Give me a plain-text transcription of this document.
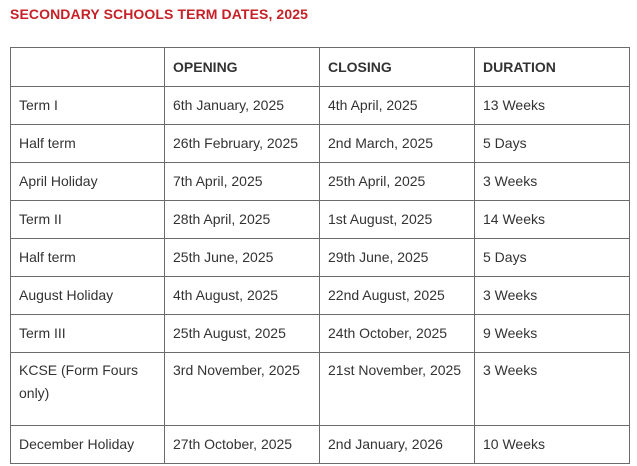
SECONDARY SCHOOLS TERM DATES, 2025
	OPENING	CLOSING	DURATION
Term I	6th January, 2025	4th April, 2025	13 Weeks
Half term	26th February, 2025	2nd March, 2025	5 Days
April Holiday	7th April, 2025	25th April, 2025	3 Weeks
Term II	28th April, 2025	1st August, 2025	14 Weeks
Half term	25th June, 2025	29th June, 2025	5 Days
August Holiday	4th August, 2025	22nd August, 2025	3 Weeks
Term III	25th August, 2025	24th October, 2025	9 Weeks
KCSE (Form Fours only)	3rd November, 2025	21st November, 2025	3 Weeks
December Holiday	27th October, 2025	2nd January, 2026	10 Weeks
